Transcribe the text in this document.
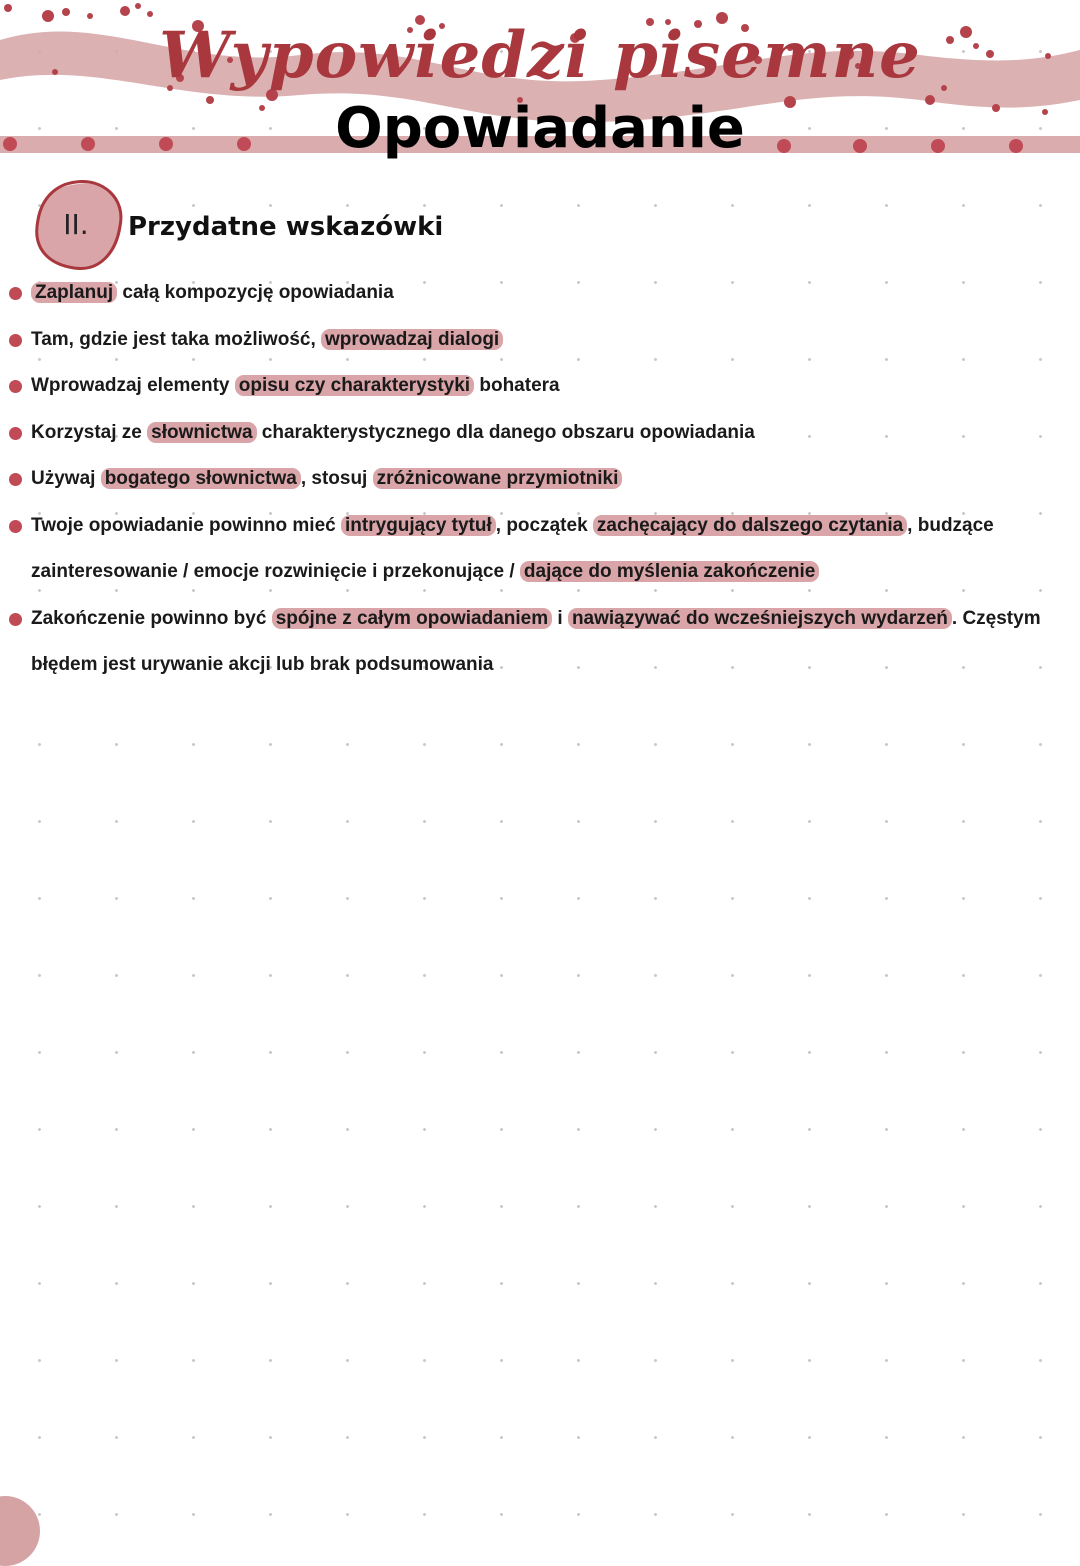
Wypowiedzi pisemne
Opowiadanie
II. Przydatne wskazówki
Zaplanuj całą kompozycję opowiadania
Tam, gdzie jest taka możliwość, wprowadzaj dialogi
Wprowadzaj elementy opisu czy charakterystyki bohatera
Korzystaj ze słownictwa charakterystycznego dla danego obszaru opowiadania
Używaj bogatego słownictwa , stosuj zróżnicowane przymiotniki
Twoje opowiadanie powinno mieć intrygujący tytuł , początek zachęcający do dalszego czytania , budzące zainteresowanie / emocje rozwinięcie i przekonujące / dające do myślenia zakończenie
Zakończenie powinno być spójne z całym opowiadaniem i nawiązywać do wcześniejszych wydarzeń . Częstym błędem jest urywanie akcji lub brak podsumowania
